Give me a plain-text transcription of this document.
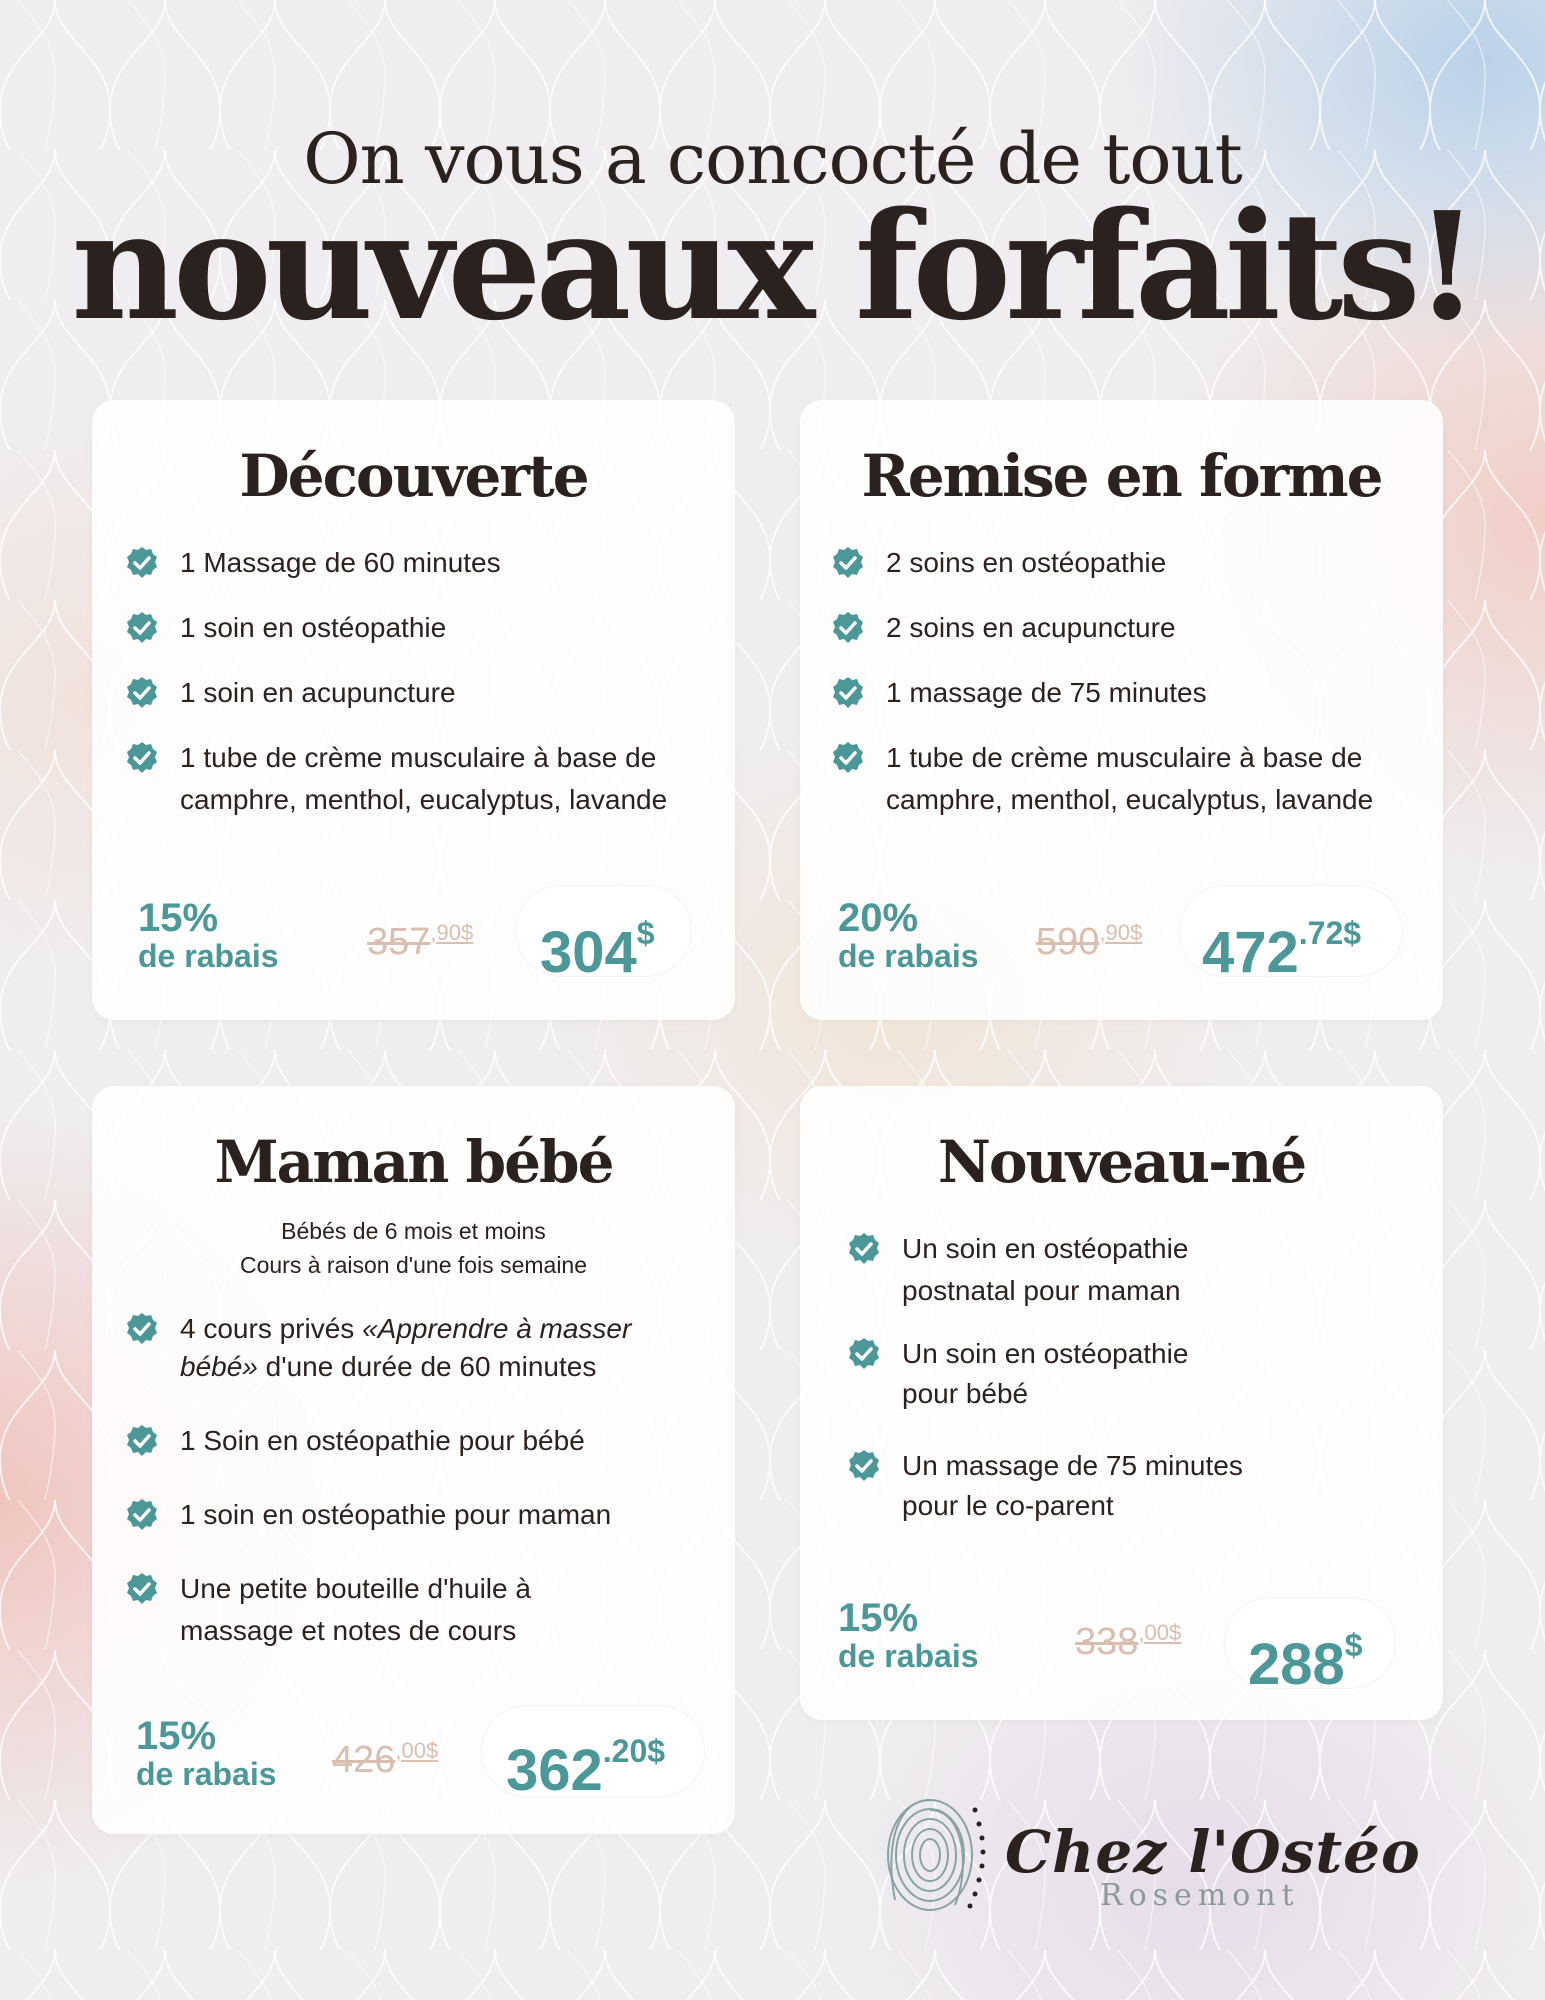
On vous a concocté de tout
nouveaux forfaits!
Découverte
1 Massage de 60 minutes
1 soin en ostéopathie
1 soin en acupuncture
1 tube de crème musculaire à base de
camphre, menthol, eucalyptus, lavande
15%
de rabais $357^{,90\$}$ 304$
Remise en forme
2 soins en ostéopathie
2 soins en acupuncture
1 massage de 75 minutes
1 tube de crème musculaire à base de
camphre, menthol, eucalyptus, lavande
20%
de rabais $590^{,90\$}$ $472^{.72\$}$
Maman bébé
Bébés de 6 mois et moins
Cours à raison d'une fois semaine
4 cours privés «Apprendre à masser
bébé» d'une durée de 60 minutes
1 Soin en ostéopathie pour bébé
1 soin en ostéopathie pour maman
Une petite bouteille d'huile à
massage et notes de cours
15%
de rabais $426^{,00\$}$ $362^{.20\$}$
Nouveau-né
Un soin en ostéopathie
postnatal pour maman
Un soin en ostéopathie
pour bébé
Un massage de 75 minutes
pour le co-parent
15%
de rabais	$338^{,00\$}$ 288$
Chez l'Ostéo
Rosemont
